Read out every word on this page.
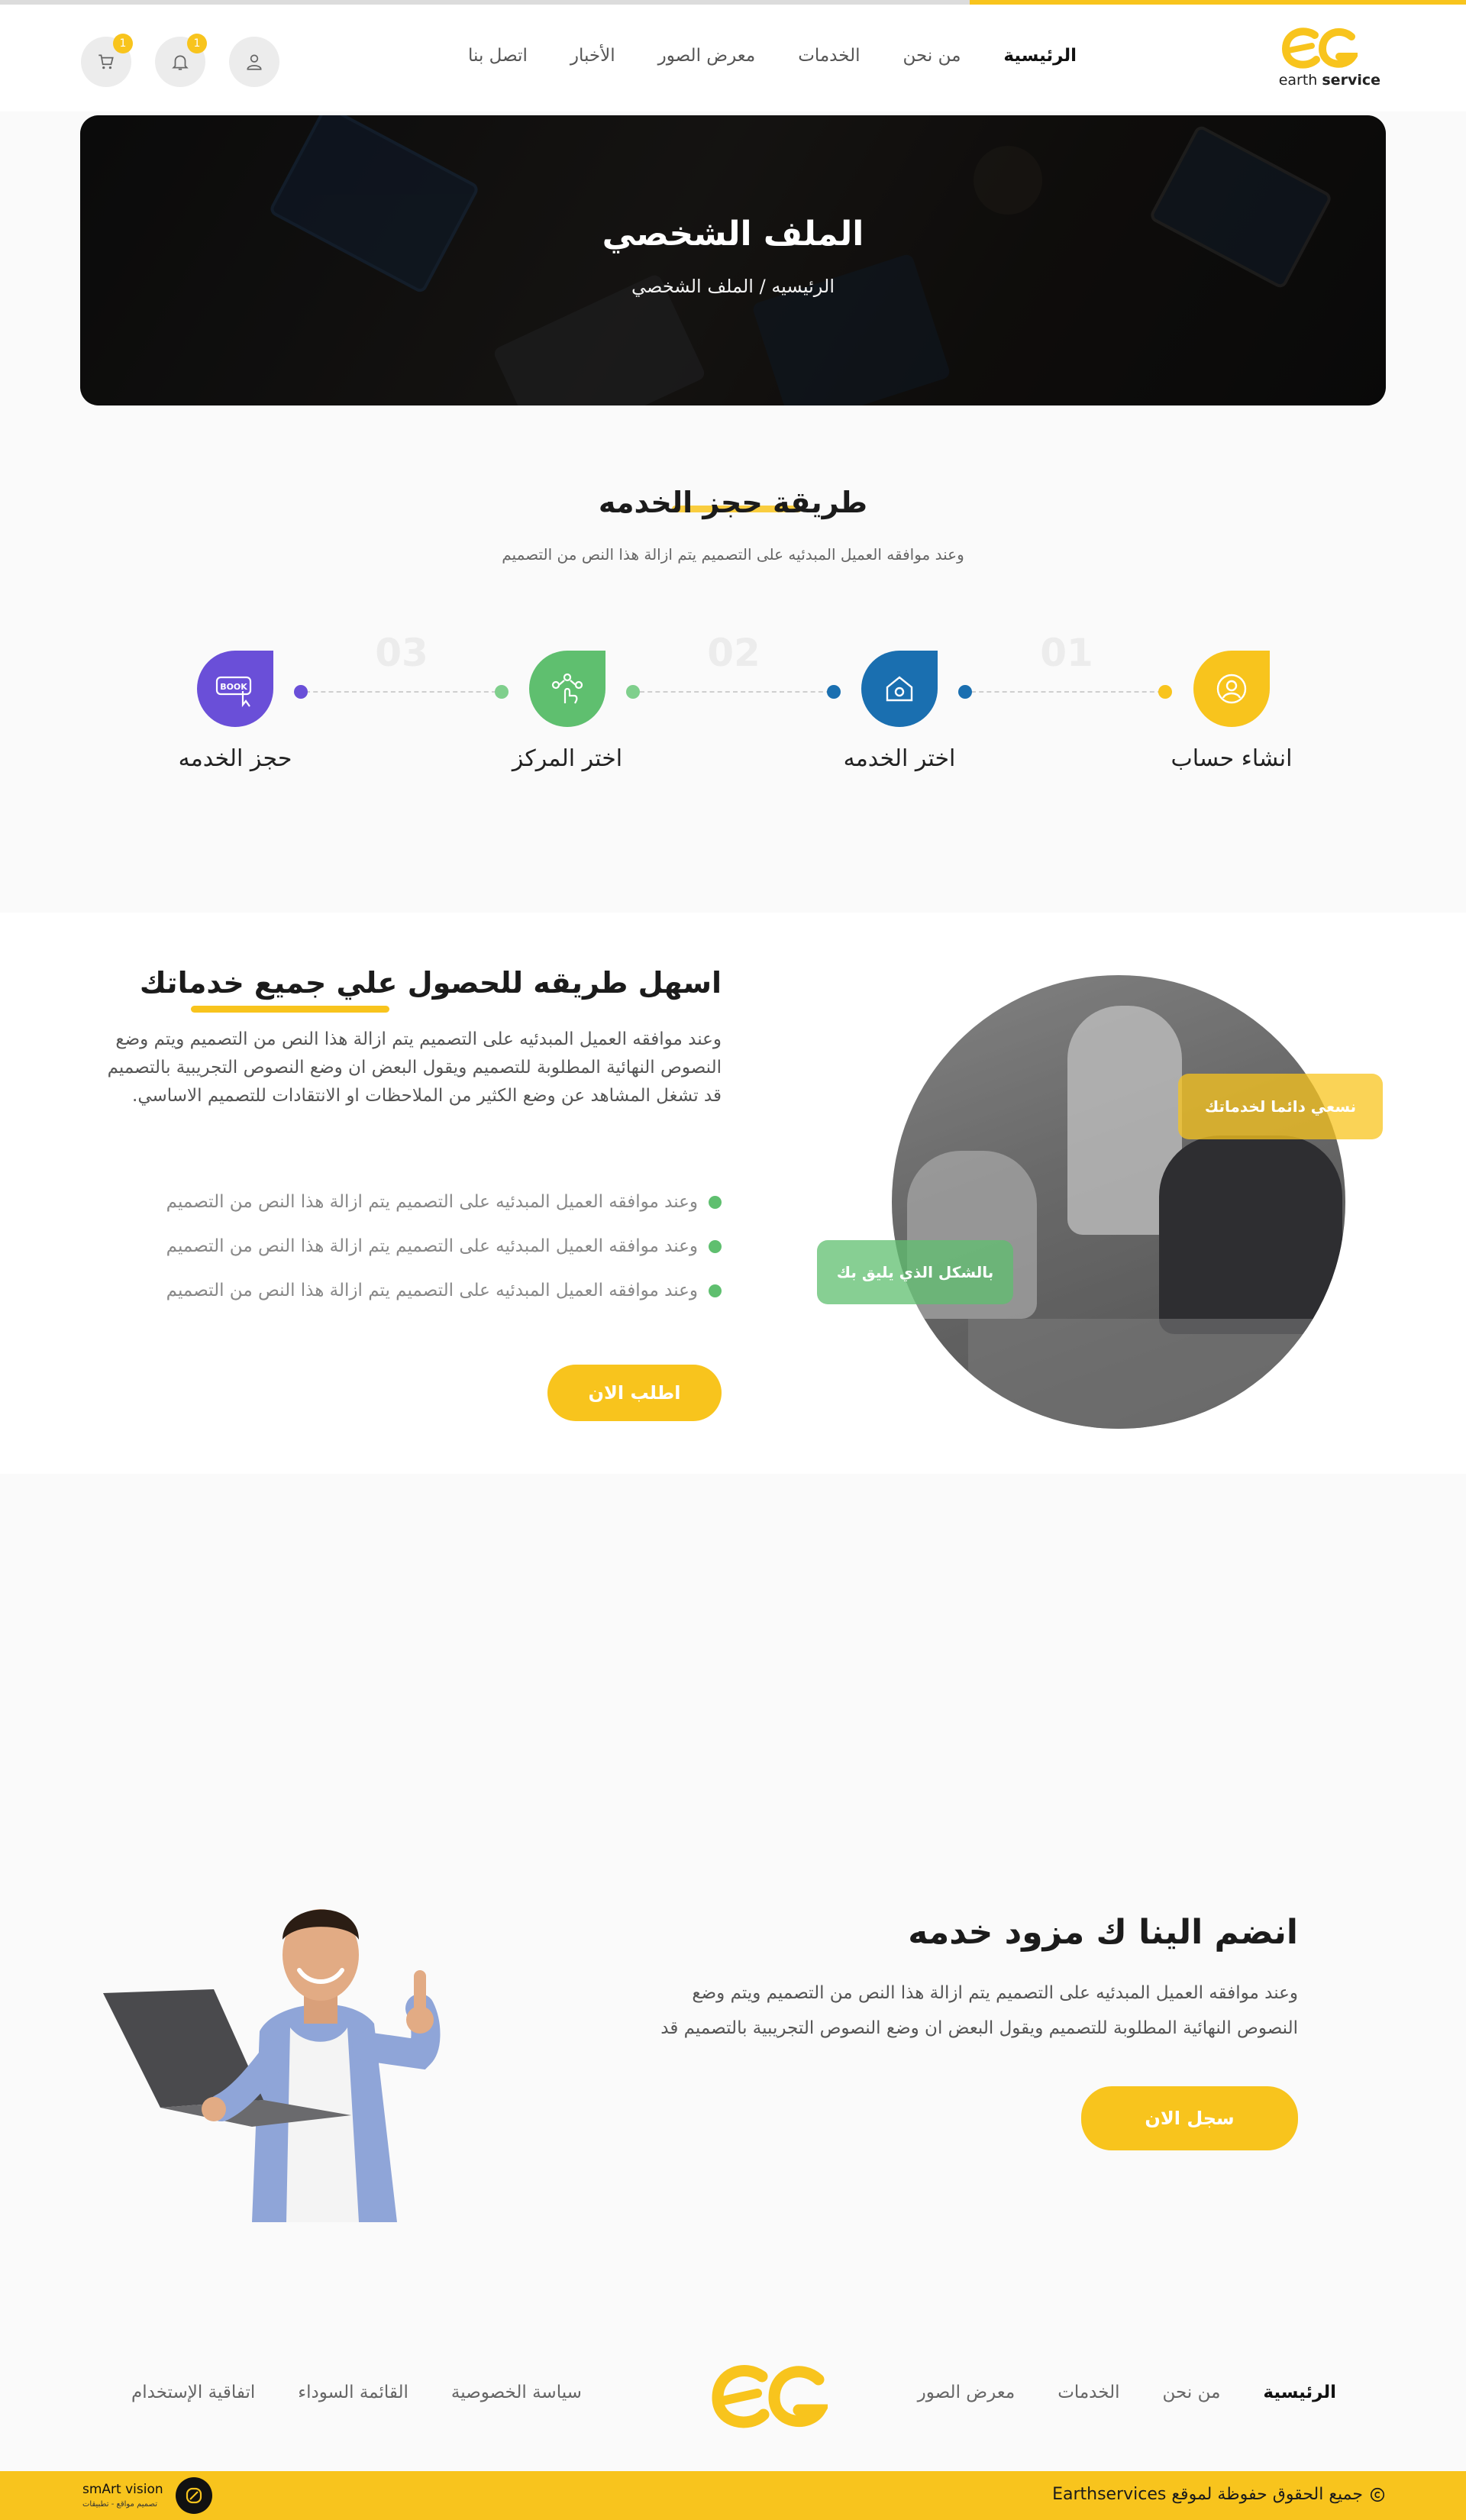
earth service
الرئيسية
من نحن
الخدمات
معرض الصور
الأخبار
اتصل بنا
1
1
الملف الشخصي
الرئيسيه / الملف الشخصي
طريقة حجز الخدمه
وعند موافقه العميل المبدئيه على التصميم يتم ازالة هذا النص من التصميم
01
02
03
BOOK
انشاء حساب
اختر الخدمه
اختر المركز
حجز الخدمه
اسهل طريقه للحصول علي جميع خدماتك
وعند موافقه العميل المبدئيه على التصميم يتم ازالة هذا النص من التصميم ويتم وضع النصوص النهائية المطلوبة للتصميم ويقول البعض ان وضع النصوص التجريبية بالتصميم قد تشغل المشاهد عن وضع الكثير من الملاحظات او الانتقادات للتصميم الاساسي.
وعند موافقه العميل المبدئيه على التصميم يتم ازالة هذا النص من التصميم
وعند موافقه العميل المبدئيه على التصميم يتم ازالة هذا النص من التصميم
وعند موافقه العميل المبدئيه على التصميم يتم ازالة هذا النص من التصميم
اطلب الان
نسعي دائما لخدماتك
بالشكل الذي يليق بك
انضم الينا ك مزود خدمه
وعند موافقه العميل المبدئيه على التصميم يتم ازالة هذا النص من التصميم ويتم وضع النصوص النهائية المطلوبة للتصميم ويقول البعض ان وضع النصوص التجريبية بالتصميم قد
سجل الان
الرئيسية
من نحن
الخدمات
معرض الصور
سياسة الخصوصية
القائمة السوداء
اتفاقية الإستخدام
جميع الحقوق حفوظة لموقع Earthservices
smArt vision
تصميم مواقع - تطبيقات
